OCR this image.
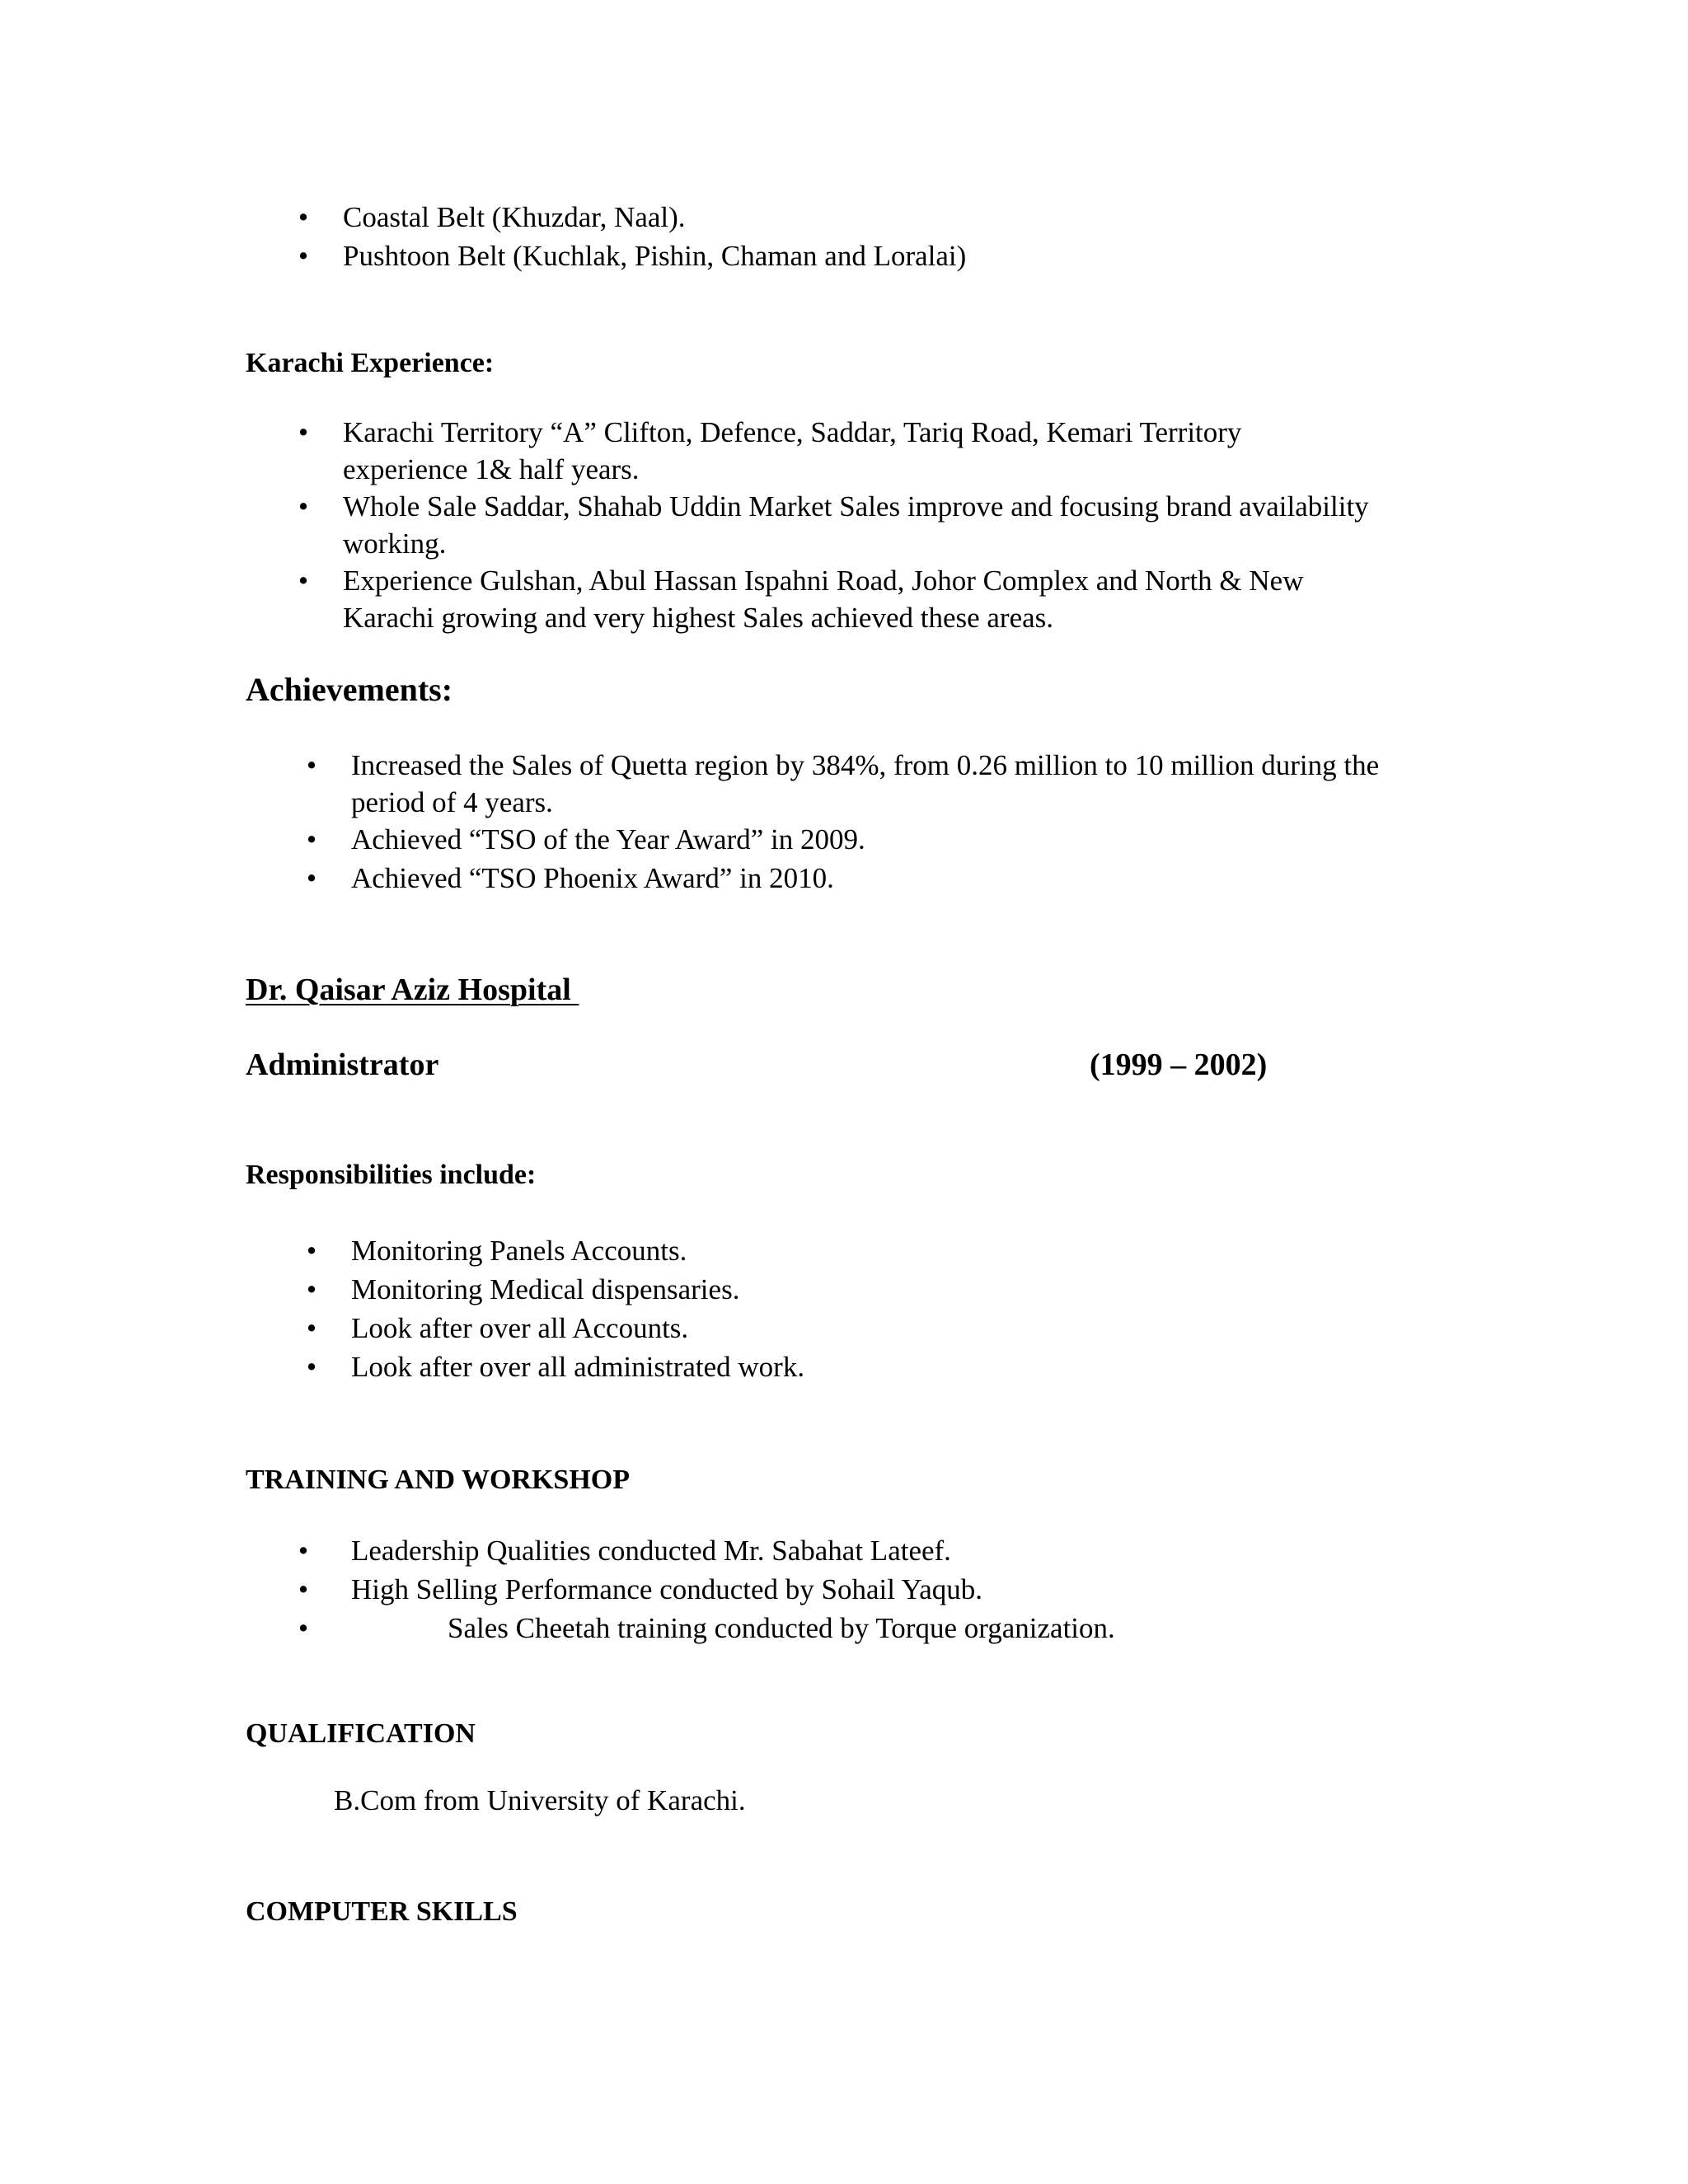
• Coastal Belt (Khuzdar, Naal).
• Pushtoon Belt (Kuchlak, Pishin, Chaman and Loralai)
Karachi Experience:
• Karachi Territory “A” Clifton, Defence, Saddar, Tariq Road, Kemari Territory
experience 1& half years.
• Whole Sale Saddar, Shahab Uddin Market Sales improve and focusing brand availability
working.
• Experience Gulshan, Abul Hassan Ispahni Road, Johor Complex and North & New
Karachi growing and very highest Sales achieved these areas.
Achievements:
• Increased the Sales of Quetta region by 384%, from 0.26 million to 10 million during the
period of 4 years.
• Achieved “TSO of the Year Award” in 2009.
• Achieved “TSO Phoenix Award” in 2010.
Dr. Qaisar Aziz Hospital
Administrator	(1999 – 2002)
Responsibilities include:
• Monitoring Panels Accounts.
• Monitoring Medical dispensaries.
• Look after over all Accounts.
• Look after over all administrated work.
TRAINING AND WORKSHOP
• Leadership Qualities conducted Mr. Sabahat Lateef.
• High Selling Performance conducted by Sohail Yaqub.
•	Sales Cheetah training conducted by Torque organization.
QUALIFICATION
B.Com from University of Karachi.
COMPUTER SKILLS
